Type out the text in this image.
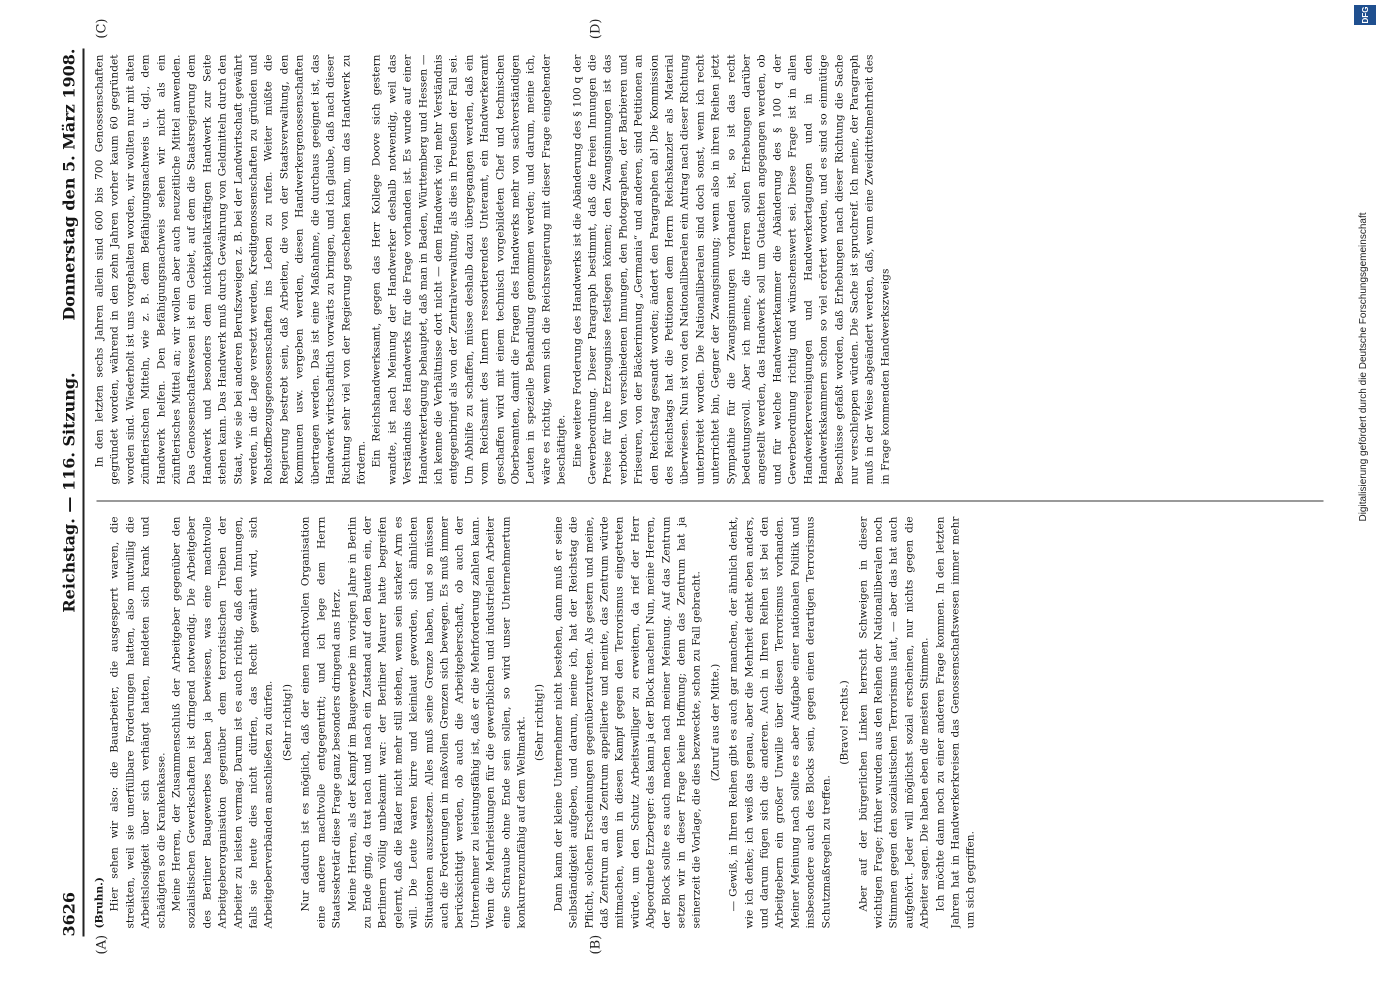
3626
Reichstag. — 116. Sitzung.
Donnerstag den 5. März 1908.
(A)	(B)
(C)	(D)

(Bruhn.) Hier sehen wir also: die Bauarbeiter, die ausgesperrt waren, die streikten, weil sie unerfüllbare Forderungen hatten, also mutwillig die Arbeitslosigkeit über sich verhängt hatten, meldeten sich krank und schädigten so die Krankenkasse. Meine Herren, der Zusammenschluß der Arbeitgeber gegenüber den sozialistischen Gewerkschaften ist dringend notwendig. Die Arbeitgeber des Berliner Baugewerbes haben ja bewiesen, was eine machtvolle Arbeitgeberorganisation gegenüber dem terroristischen Treiben der Arbeiter zu leisten vermag. Darum ist es auch richtig, daß den Innungen, falls sie heute dies nicht dürfen, das Recht gewährt wird, sich Arbeitgeberverbänden anschließen zu dürfen. (Sehr richtig!) Nur dadurch ist es möglich, daß der einen machtvollen Organisation eine andere machtvolle entgegentritt; und ich lege dem Herrn Staatssekretär diese Frage ganz besonders dringend ans Herz. Meine Herren, als der Kampf im Baugewerbe im vorigen Jahre in Berlin zu Ende ging, da trat nach und nach ein Zustand auf den Bauten ein, der Berlinern völlig unbekannt war: der Berliner Maurer hatte begreifen gelernt, daß die Räder nicht mehr still stehen, wenn sein starker Arm es will. Die Leute waren kirre und kleinlaut geworden, sich ähnlichen Situationen auszusetzen. Alles muß seine Grenze haben, und so müssen auch die Forderungen in maßvollen Grenzen sich bewegen. Es muß immer berücksichtigt werden, ob auch die Arbeitgeberschaft, ob auch der Unternehmer zu leistungsfähig ist, daß er die Mehrforderung zahlen kann. Wenn die Mehrleistungen für die gewerblichen und industriellen Arbeiter eine Schraube ohne Ende sein sollen, so wird unser Unternehmertum konkurrenzunfähig auf dem Weltmarkt. (Sehr richtig!) Dann kann der kleine Unternehmer nicht bestehen, dann muß er seine Selbständigkeit aufgeben, und darum, meine ich, hat der Reichstag die Pflicht, solchen Erscheinungen gegenüberzutreten. Als gestern und meine, daß Zentrum an das Zentrum appellierte und meinte, das Zentrum würde mitmachen, wenn in diesen Kampf gegen den Terrorismus eingetreten würde, um den Schutz Arbeitswilliger zu erweitern, da rief der Herr Abgeordnete Erzberger: das kann ja der Block machen! Nun, meine Herren, der Block sollte es auch machen nach meiner Meinung. Auf das Zentrum setzen wir in dieser Frage keine Hoffnung; denn das Zentrum hat ja seinerzeit die Vorlage, die dies bezweckte, schon zu Fall gebracht. (Zuruf aus der Mitte.) — Gewiß, in Ihren Reihen gibt es auch gar manchen, der ähnlich denkt, wie ich denke; ich weiß das genau, aber die Mehrheit denkt eben anders, und darum fügen sich die anderen. Auch in Ihren Reihen ist bei den Arbeitgebern ein großer Unwille über diesen Terrorismus vorhanden. Meiner Meinung nach sollte es aber Aufgabe einer nationalen Politik und insbesondere auch des Blocks sein, gegen einen derartigen Terrorismus Schutzmaßregeln zu treffen.

(Bravo! rechts.) Aber auf der bürgerlichen Linken herrscht Schweigen in dieser wichtigen Frage; früher wurden aus den Reihen der Nationalliberalen noch Stimmen gegen den sozialistischen Terrorismus laut, — aber das hat auch aufgehört. Jeder will möglichst sozial erscheinen, nur nichts gegen die Arbeiter sagen. Die haben eben die meisten Stimmen. Ich möchte dann noch zu einer anderen Frage kommen. In den letzten Jahren hat in Handwerkerkreisen das Genossenschaftswesen immer mehr um sich gegriffen.

In den letzten sechs Jahren allein sind 600 bis 700 Genossenschaften gegründet worden, während in den zehn Jahren vorher kaum 60 gegründet worden sind. Wiederholt ist uns vorgehalten worden, wir wollten nur mit alten zünftlerischen Mitteln, wie z. B. dem Befähigungsnachweis u. dgl., dem Handwerk helfen. Den Befähigungsnachweis sehen wir nicht als ein zünftlerisches Mittel an; wir wollen aber auch neuzeitliche Mittel anwenden. Das Genossenschaftswesen ist ein Gebiet, auf dem die Staatsregierung dem Handwerk und besonders dem nichtkapitalkräftigen Handwerk zur Seite stehen kann. Das Handwerk muß durch Gewährung von Geldmitteln durch den Staat, wie sie bei anderen Berufszweigen z. B. bei der Landwirtschaft gewährt werden, in die Lage versetzt werden, Kreditgenossenschaften zu gründen und Rohstoffbezugsgenossenschaften ins Leben zu rufen. Weiter müßte die Regierung bestrebt sein, daß Arbeiten, die von der Staatsverwaltung, den Kommunen usw. vergeben werden, diesen Handwerkergenossenschaften übertragen werden. Das ist eine Maßnahme, die durchaus geeignet ist, das Handwerk wirtschaftlich vorwärts zu bringen, und ich glaube, daß nach dieser Richtung sehr viel von der Regierung geschehen kann, um das Handwerk zu fördern. Ein Reichshandwerksamt, gegen das Herr Kollege Doove sich gestern wandte, ist nach Meinung der Handwerker deshalb notwendig, weil das Verständnis des Handwerks für die Frage vorhanden ist. Es wurde auf einer Handwerkertagung behauptet, daß man in Baden, Württemberg und Hessen — ich kenne die Verhältnisse dort nicht — dem Handwerk viel mehr Verständnis entgegenbringt als von der Zentralverwaltung, als dies in Preußen der Fall sei. Um Abhilfe zu schaffen, müsse deshalb dazu übergegangen werden, daß ein vom Reichsamt des Innern ressortierendes Unteramt, ein Handwerkeramt geschaffen wird mit einem technisch vorgebildeten Chef und technischen Oberbeamten, damit die Fragen des Handwerks mehr von sachverständigen Leuten in spezielle Behandlung genommen werden; und darum, meine ich, wäre es richtig, wenn sich die Reichsregierung mit dieser Frage eingehender beschäftigte. Eine weitere Forderung des Handwerks ist die Abänderung des § 100 q der Gewerbeordnung. Dieser Paragraph bestimmt, daß die freien Innungen die Preise für ihre Erzeugnisse festlegen können; den Zwangsinnungen ist das verboten. Von verschiedenen Innungen, den Photographen, der Barbieren und Friseuren, von der Bäckerinnung „Germania“ und anderen, sind Petitionen an den Reichstag gesandt worden; ändert den Paragraphen ab! Die Kommission des Reichstags hat die Petitionen dem Herrn Reichskanzler als Material überwiesen. Nun ist von den Nationalliberalen ein Antrag nach dieser Richtung unterbreitet worden. Die Nationalliberalen sind doch sonst, wenn ich recht unterrichtet bin, Gegner der Zwangsinnung; wenn also in ihren Reihen jetzt Sympathie für die Zwangsinnungen vorhanden ist, so ist das recht bedeutungsvoll. Aber ich meine, die Herren sollen Erhebungen darüber angestellt werden, das Handwerk soll um Gutachten angegangen werden, ob und für welche Handwerkerkammer die Abänderung des § 100 q der Gewerbeordnung richtig und wünschenswert sei. Diese Frage ist in allen Handwerkervereinigungen und Handwerkertagungen und in den Handwerkskammern schon so viel erörtert worden, und es sind so einmütige Beschlüsse gefaßt worden, daß Erhebungen nach dieser Richtung die Sache nur verschleppen würden. Die Sache ist spruchreif. Ich meine, der Paragraph muß in der Weise abgeändert werden, daß, wenn eine Zweidrittelmehrheit des in Frage kommenden Handwerkszweigs

DFG
Digitalisierung gefördert durch die Deutsche Forschungsgemeinschaft
